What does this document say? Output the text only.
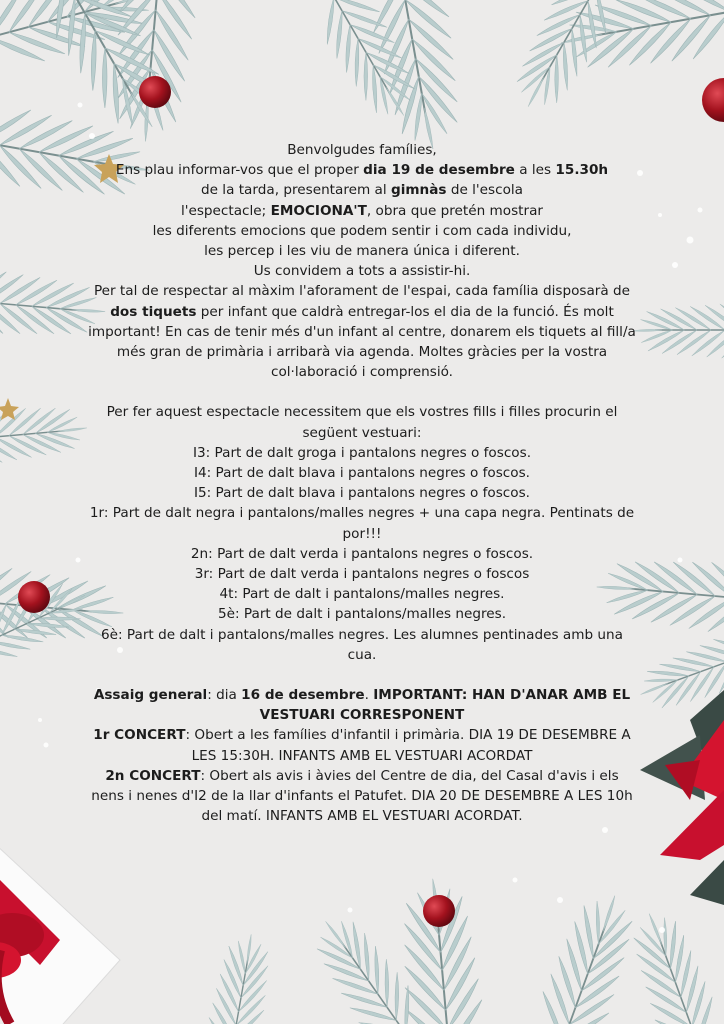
Benvolgudes famílies,

Ens plau informar-vos que el proper dia 19 de desembre a les 15.30h
de la tarda, presentarem al gimnàs de l'escola
l'espectacle; EMOCIONA'T, obra que pretén mostrar
les diferents emocions que podem sentir i com cada individu,
les percep i les viu de manera única i diferent.
Us convidem a tots a assistir-hi.

Per tal de respectar al màxim l'aforament de l'espai, cada família disposarà de dos tiquets per infant que caldrà entregar-los el dia de la funció. És molt important! En cas de tenir més d'un infant al centre, donarem els tiquets al fill/a més gran de primària i arribarà via agenda. Moltes gràcies per la vostra col·laboració i comprensió.

Per fer aquest espectacle necessitem que els vostres fills i filles procurin el següent vestuari:

I3: Part de dalt groga i pantalons negres o foscos.
I4: Part de dalt blava i pantalons negres o foscos.
I5: Part de dalt blava i pantalons negres o foscos.
1r: Part de dalt negra i pantalons/malles negres + una capa negra. Pentinats de por!!!
2n: Part de dalt verda i pantalons negres o foscos.
3r: Part de dalt verda i pantalons negres o foscos
4t: Part de dalt i pantalons/malles negres.
5è: Part de dalt i pantalons/malles negres.
6è: Part de dalt i pantalons/malles negres. Les alumnes pentinades amb una cua.

Assaig general: dia 16 de desembre. IMPORTANT: HAN D'ANAR AMB EL VESTUARI CORRESPONENT

1r CONCERT: Obert a les famílies d'infantil i primària. DIA 19 DE DESEMBRE A LES 15:30H. INFANTS AMB EL VESTUARI ACORDAT

2n CONCERT: Obert als avis i àvies del Centre de dia, del Casal d'avis i els nens i nenes d'I2 de la llar d'infants el Patufet. DIA 20 DE DESEMBRE A LES 10h del matí. INFANTS AMB EL VESTUARI ACORDAT.
